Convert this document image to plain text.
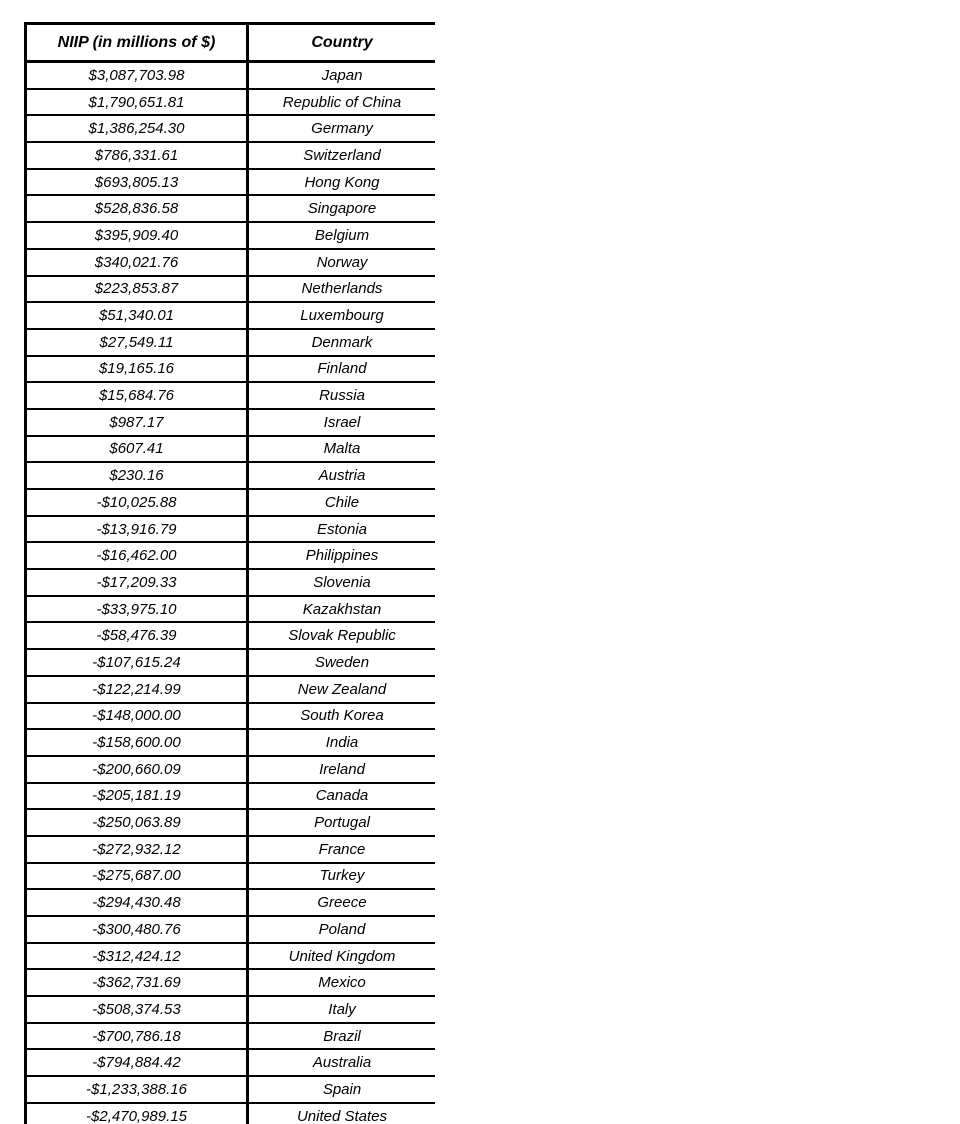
NIIP (in millions of $)	Country
$3,087,703.98	Japan
$1,790,651.81	Republic of China
$1,386,254.30	Germany
$786,331.61	Switzerland
$693,805.13	Hong Kong
$528,836.58	Singapore
$395,909.40	Belgium
$340,021.76	Norway
$223,853.87	Netherlands
$51,340.01	Luxembourg
$27,549.11	Denmark
$19,165.16	Finland
$15,684.76	Russia
$987.17	Israel
$607.41	Malta
$230.16	Austria
-$10,025.88	Chile
-$13,916.79	Estonia
-$16,462.00	Philippines
-$17,209.33	Slovenia
-$33,975.10	Kazakhstan
-$58,476.39	Slovak Republic
-$107,615.24	Sweden
-$122,214.99	New Zealand
-$148,000.00	South Korea
-$158,600.00	India
-$200,660.09	Ireland
-$205,181.19	Canada
-$250,063.89	Portugal
-$272,932.12	France
-$275,687.00	Turkey
-$294,430.48	Greece
-$300,480.76	Poland
-$312,424.12	United Kingdom
-$362,731.69	Mexico
-$508,374.53	Italy
-$700,786.18	Brazil
-$794,884.42	Australia
-$1,233,388.16	Spain
-$2,470,989.15	United States
